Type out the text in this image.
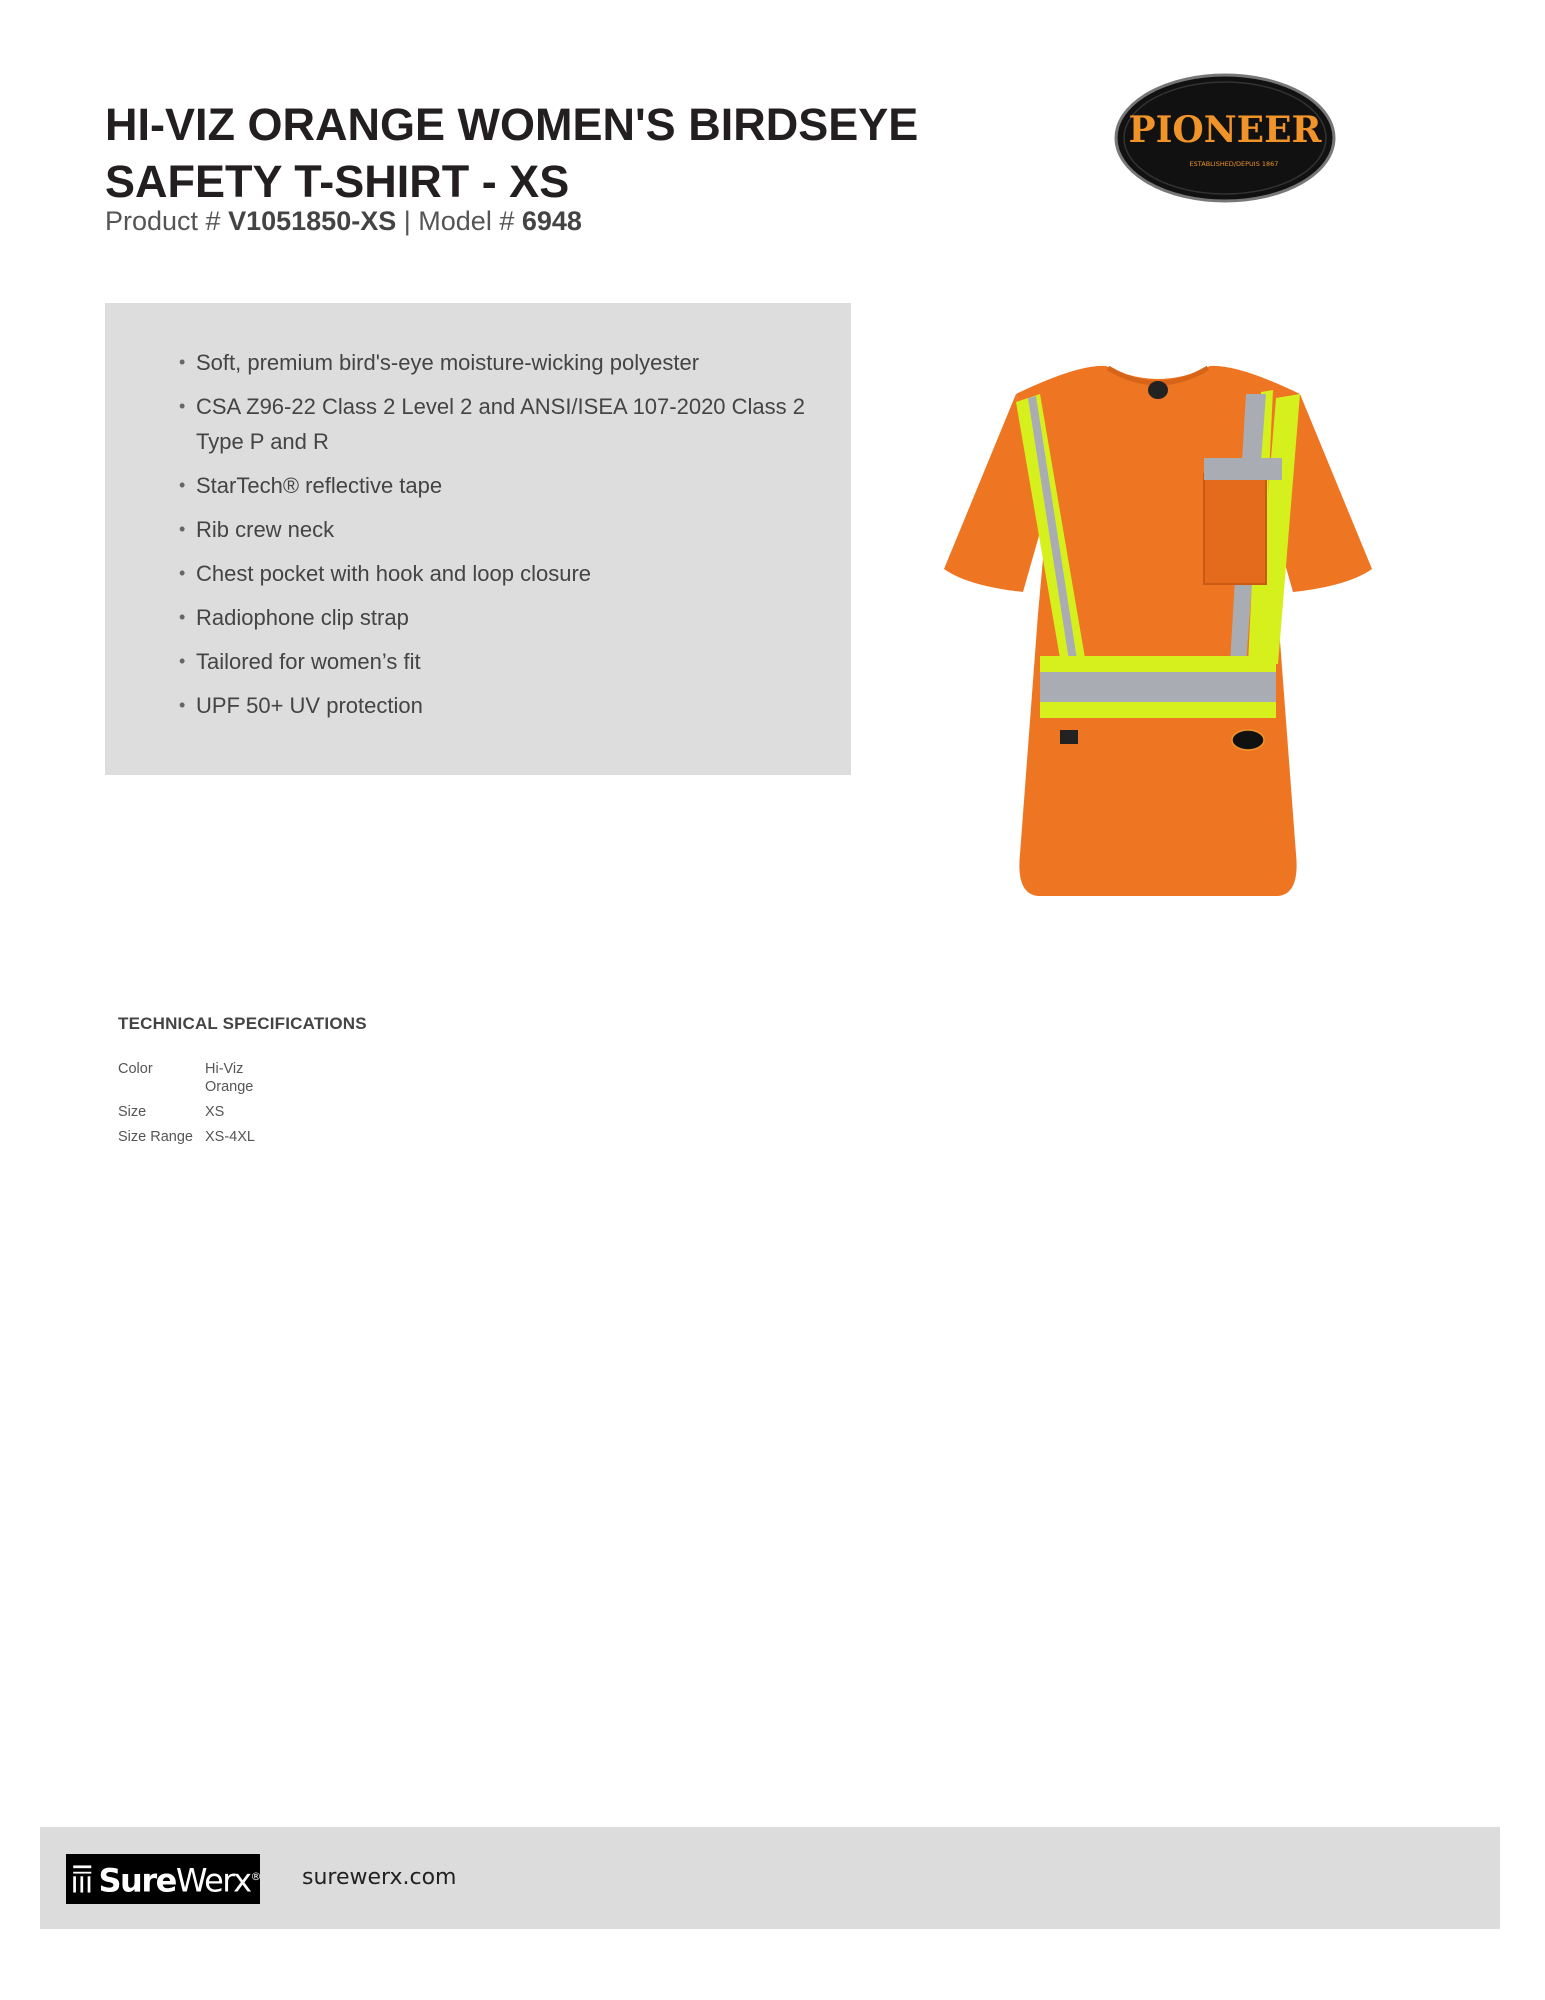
HI-VIZ ORANGE WOMEN'S BIRDSEYE SAFETY T-SHIRT - XS
Product # V1051850-XS | Model # 6948
PIONEER
ESTABLISHED/DEPUIS 1867
• Soft, premium bird's-eye moisture-wicking polyester
• CSA Z96-22 Class 2 Level 2 and ANSI/ISEA 107-2020 Class 2 Type P and R
• StarTech® reflective tape
• Rib crew neck
• Chest pocket with hook and loop closure
• Radiophone clip strap
• Tailored for women’s fit
• UPF 50+ UV protection
TECHNICAL SPECIFICATIONS
Color	Hi-Viz Orange
Size	XS
Size Range XS-4XL
SureWerx® surewerx.com
